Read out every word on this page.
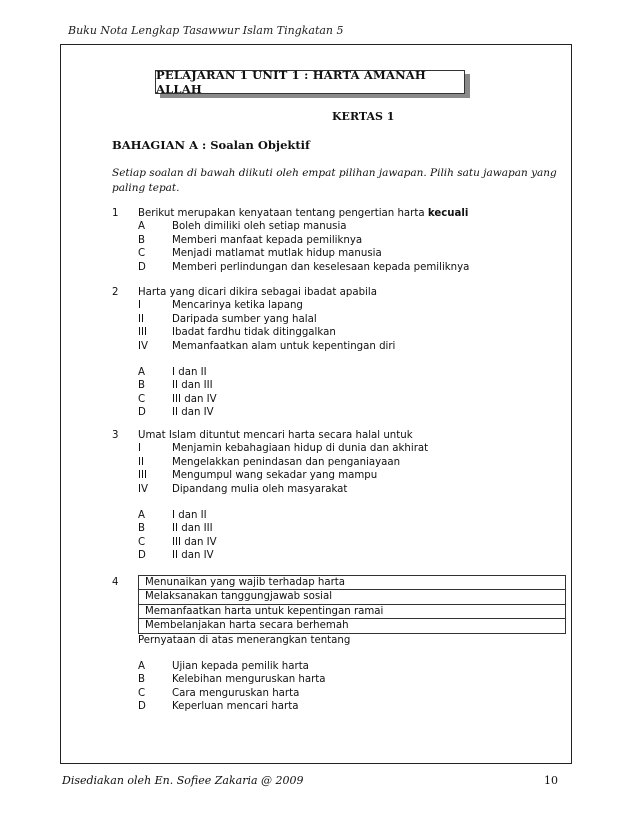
Buku Nota Lengkap Tasawwur Islam Tingkatan 5
PELAJARAN 1 UNIT 1 : HARTA AMANAH ALLAH
KERTAS 1
BAHAGIAN A : Soalan Objektif
Setiap soalan di bawah diikuti oleh empat pilihan jawapan. Pilih satu jawapan yang paling tepat.
1	Berikut merupakan kenyataan tentang pengertian harta kecuali
A	Boleh dimiliki oleh setiap manusia
B	Memberi manfaat kepada pemiliknya
C	Menjadi matlamat mutlak hidup manusia
D	Memberi perlindungan dan keselesaan kepada pemiliknya
2	Harta yang dicari dikira sebagai ibadat apabila
I	Mencarinya ketika lapang
II	Daripada sumber yang halal
III	Ibadat fardhu tidak ditinggalkan
IV	Memanfaatkan alam untuk kepentingan diri
A	I dan II
B	II dan III
C	III dan IV
D	II dan IV
3	Umat Islam dituntut mencari harta secara halal untuk
I	Menjamin kebahagiaan hidup di dunia dan akhirat
II	Mengelakkan penindasan dan penganiayaan
III	Mengumpul wang sekadar yang mampu
IV	Dipandang mulia oleh masyarakat
A	I dan II
B	II dan III
C	III dan IV
D	II dan IV
4	Menunaikan yang wajib terhadap harta
Melaksanakan tanggungjawab sosial
Memanfaatkan harta untuk kepentingan ramai
Membelanjakan harta secara berhemah
Pernyataan di atas menerangkan tentang
A	Ujian kepada pemilik harta
B	Kelebihan menguruskan harta
C	Cara menguruskan harta
D	Keperluan mencari harta
Disediakan oleh En. Sofiee Zakaria @ 2009	10
